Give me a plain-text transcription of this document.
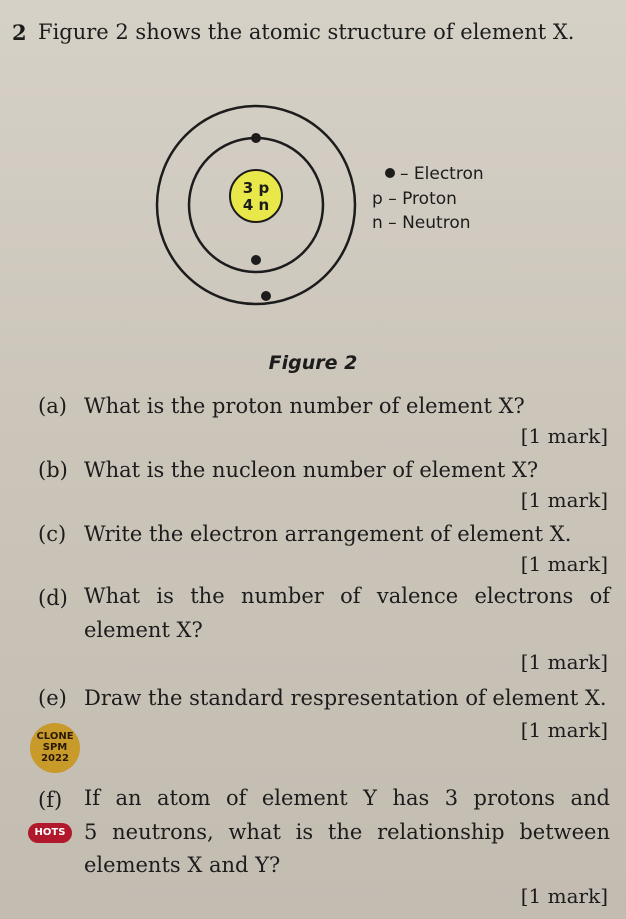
2 Figure 2 shows the atomic structure of element X.
3 p
4 n
– Electron
p – Proton
n – Neutron
Figure 2
(a) What is the proton number of element X?
[1 mark]
(b) What is the nucleon number of element X?
[1 mark]
(c) Write the electron arrangement of element X.
[1 mark]
(d) What is the number of valence electrons of
element X?
[1 mark]
(e) Draw the standard respresentation of element X.
[1 mark]
CLONE
SPM
2022
(f) If an atom of element Y has 3 protons and
5 neutrons, what is the relationship between
elements X and Y?
[1 mark]
HOTS
